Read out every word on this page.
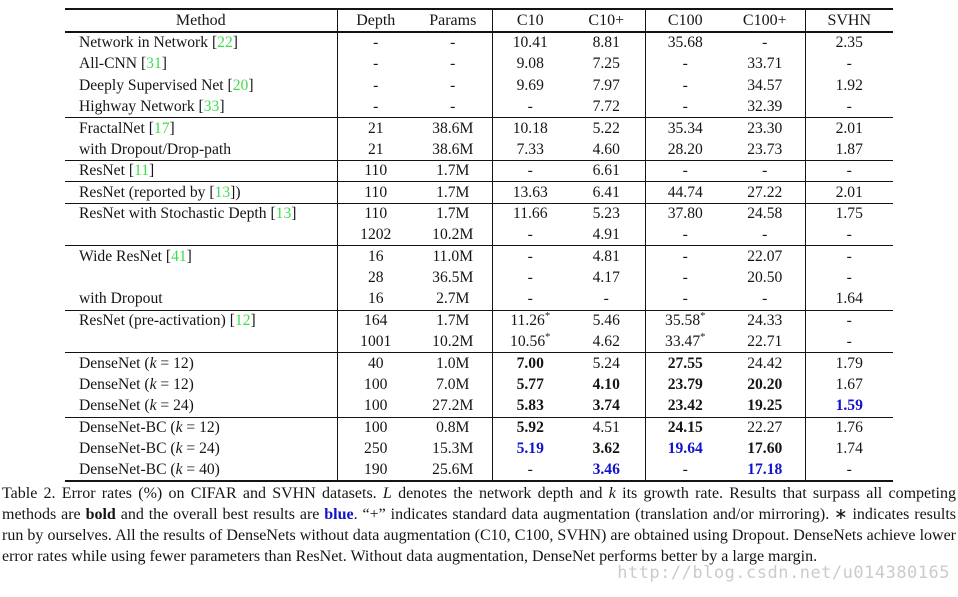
Method	Depth	Params	C10	C10+	C100	C100+	SVHN
Network in Network [22]	-	-	10.41	8.81	35.68	-	2.35
All-CNN [31]	-	-	9.08	7.25	-	33.71	-
Deeply Supervised Net [20]	-	-	9.69	7.97	-	34.57	1.92
Highway Network [33]	-	-	-	7.72	-	32.39	-
FractalNet [17]	21	38.6M	10.18	5.22	35.34	23.30	2.01
with Dropout/Drop-path	21	38.6M	7.33	4.60	28.20	23.73	1.87
ResNet [11]	110	1.7M	-	6.61	-	-	-
ResNet (reported by [13])	110	1.7M	13.63	6.41	44.74	27.22	2.01
ResNet with Stochastic Depth [13]	110	1.7M	11.66	5.23	37.80	24.58	1.75
	1202	10.2M	-	4.91	-	-	-
Wide ResNet [41]	16	11.0M	-	4.81	-	22.07	-
	28	36.5M	-	4.17	-	20.50	-
with Dropout	16	2.7M	-	-	-	-	1.64
ResNet (pre-activation) [12]	164	1.7M	11.26*	5.46	35.58*	24.33	-
	1001	10.2M	10.56*	4.62	33.47*	22.71	-
DenseNet (k = 12)	40	1.0M	7.00	5.24	27.55	24.42	1.79
DenseNet (k = 12)	100	7.0M	5.77	4.10	23.79	20.20	1.67
DenseNet (k = 24)	100	27.2M	5.83	3.74	23.42	19.25	1.59
DenseNet-BC (k = 12)	100	0.8M	5.92	4.51	24.15	22.27	1.76
DenseNet-BC (k = 24)	250	15.3M	5.19	3.62	19.64	17.60	1.74
DenseNet-BC (k = 40)	190	25.6M	-	3.46	-	17.18	-

Table 2. Error rates (%) on CIFAR and SVHN datasets. L denotes the network depth and k its growth rate. Results that surpass all competing methods are bold and the overall best results are blue. “+” indicates standard data augmentation (translation and/or mirroring). ∗ indicates results run by ourselves. All the results of DenseNets without data augmentation (C10, C100, SVHN) are obtained using Dropout. DenseNets achieve lower error rates while using fewer parameters than ResNet. Without data augmentation, DenseNet performs better by a large margin.

http://blog.csdn.net/u014380165
